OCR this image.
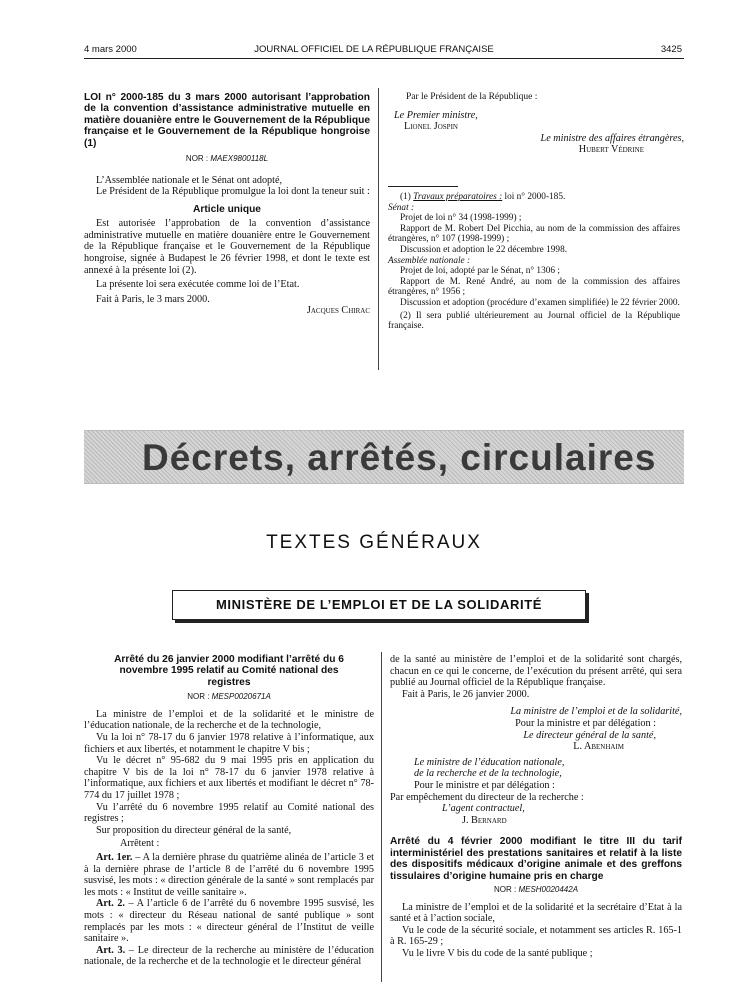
4 mars 2000	JOURNAL OFFICIEL DE LA RÉPUBLIQUE FRANÇAISE	3425
LOI n° 2000-185 du 3 mars 2000 autorisant l’approbation de la convention d’assistance administrative mutuelle en matière douanière entre le Gouvernement de la République française et le Gouvernement de la République hongroise (1)
NOR : MAEX9800118L

L’Assemblée nationale et le Sénat ont adopté,

Le Président de la République promulgue la loi dont la teneur suit :

Article unique

Est autorisée l’approbation de la convention d’assistance administrative mutuelle en matière douanière entre le Gouvernement de la République française et le Gouvernement de la République hongroise, signée à Budapest le 26 février 1998, et dont le texte est annexé à la présente loi (2).

La présente loi sera exécutée comme loi de l’Etat.

Fait à Paris, le 3 mars 2000.

Jacques Chirac
Par le Président de la République :
Le Premier ministre,
Lionel Jospin
Le ministre des affaires étrangères,
Hubert Védrine

(1) Travaux préparatoires : loi n° 2000-185.

Sénat :

Projet de loi n° 34 (1998-1999) ;

Rapport de M. Robert Del Picchia, au nom de la commission des affaires étrangères, n° 107 (1998-1999) ;

Discussion et adoption le 22 décembre 1998.

Assemblée nationale :

Projet de loi, adopté par le Sénat, n° 1306 ;

Rapport de M. René André, au nom de la commission des affaires étrangères, n° 1956 ;

Discussion et adoption (procédure d’examen simplifiée) le 22 février 2000.

(2) Il sera publié ultérieurement au Journal officiel de la République française.

Décrets, arrêtés, circulaires
TEXTES GÉNÉRAUX
MINISTÈRE DE L’EMPLOI ET DE LA SOLIDARITÉ
Arrêté du 26 janvier 2000 modifiant l’arrêté du 6 novembre 1995 relatif au Comité national des registres
NOR : MESP0020671A

La ministre de l’emploi et de la solidarité et le ministre de l’éducation nationale, de la recherche et de la technologie,

Vu la loi n° 78-17 du 6 janvier 1978 relative à l’informatique, aux fichiers et aux libertés, et notamment le chapitre V bis ;

Vu le décret n° 95-682 du 9 mai 1995 pris en application du chapitre V bis de la loi n° 78-17 du 6 janvier 1978 relative à l’informatique, aux fichiers et aux libertés et modifiant le décret n° 78-774 du 17 juillet 1978 ;

Vu l’arrêté du 6 novembre 1995 relatif au Comité national des registres ;

Sur proposition du directeur général de la santé,

Arrêtent :

Art. 1er. – A la dernière phrase du quatrième alinéa de l’article 3 et à la dernière phrase de l’article 8 de l’arrêté du 6 novembre 1995 susvisé, les mots : « direction générale de la santé » sont remplacés par les mots : « Institut de veille sanitaire ».

Art. 2. – A l’article 6 de l’arrêté du 6 novembre 1995 susvisé, les mots : « directeur du Réseau national de santé publique » sont remplacés par les mots : « directeur général de l’Institut de veille sanitaire ».

Art. 3. – Le directeur de la recherche au ministère de l’éducation nationale, de la recherche et de la technologie et le directeur général

de la santé au ministère de l’emploi et de la solidarité sont chargés, chacun en ce qui le concerne, de l’exécution du présent arrêté, qui sera publié au Journal officiel de la République française.

Fait à Paris, le 26 janvier 2000.

La ministre de l’emploi et de la solidarité,
Pour la ministre et par délégation :
Le directeur général de la santé,
L. Abenhaim
Le ministre de l’éducation nationale,
de la recherche et de la technologie,
Pour le ministre et par délégation :
Par empêchement du directeur de la recherche :
L’agent contractuel,
J. Bernard
Arrêté du 4 février 2000 modifiant le titre III du tarif interministériel des prestations sanitaires et relatif à la liste des dispositifs médicaux d’origine animale et des greffons tissulaires d’origine humaine pris en charge
NOR : MESH0020442A

La ministre de l’emploi et de la solidarité et la secrétaire d’Etat à la santé et à l’action sociale,

Vu le code de la sécurité sociale, et notamment ses articles R. 165-1 à R. 165-29 ;

Vu le livre V bis du code de la santé publique ;
